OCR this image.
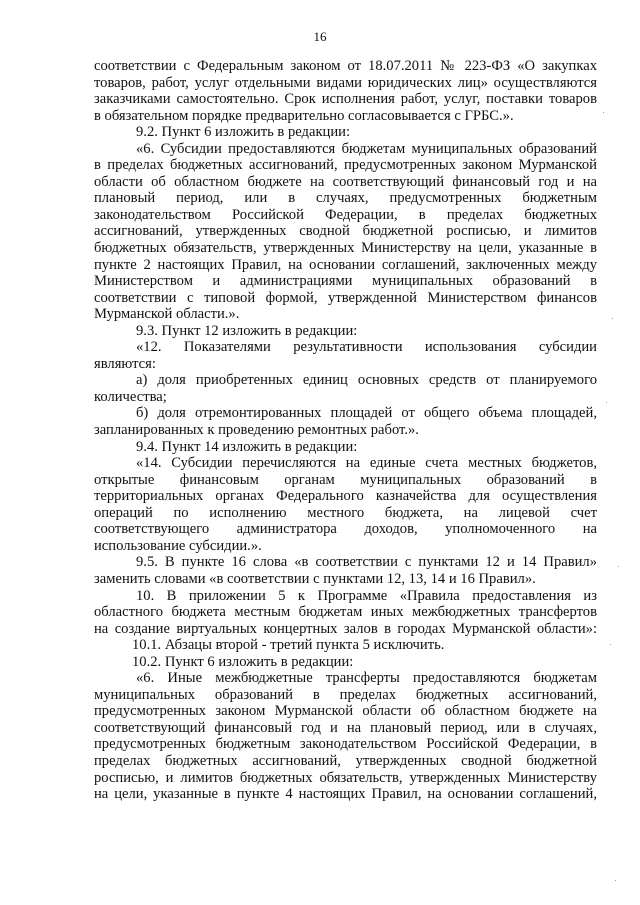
16
соответствии с Федеральным законом от 18.07.2011 № 223-ФЗ «О закупках
товаров, работ, услуг отдельными видами юридических лиц» осуществляются
заказчиками самостоятельно. Срок исполнения работ, услуг, поставки товаров
в обязательном порядке предварительно согласовывается с ГРБС.».
9.2. Пункт 6 изложить в редакции:
«6. Субсидии предоставляются бюджетам муниципальных образований
в пределах бюджетных ассигнований, предусмотренных законом Мурманской
области об областном бюджете на соответствующий финансовый год и на
плановый период, или в случаях, предусмотренных бюджетным
законодательством Российской Федерации, в пределах бюджетных
ассигнований, утвержденных сводной бюджетной росписью, и лимитов
бюджетных обязательств, утвержденных Министерству на цели, указанные в
пункте 2 настоящих Правил, на основании соглашений, заключенных между
Министерством и администрациями муниципальных образований в
соответствии с типовой формой, утвержденной Министерством финансов
Мурманской области.».
9.3. Пункт 12 изложить в редакции:
«12. Показателями результативности использования субсидии
являются:
а) доля приобретенных единиц основных средств от планируемого
количества;
б) доля отремонтированных площадей от общего объема площадей,
запланированных к проведению ремонтных работ.».
9.4. Пункт 14 изложить в редакции:
«14. Субсидии перечисляются на единые счета местных бюджетов,
открытые финансовым органам муниципальных образований в
территориальных органах Федерального казначейства для осуществления
операций по исполнению местного бюджета, на лицевой счет
соответствующего администратора доходов, уполномоченного на
использование субсидии.».
9.5. В пункте 16 слова «в соответствии с пунктами 12 и 14 Правил»
заменить словами «в соответствии с пунктами 12, 13, 14 и 16 Правил».
10. В приложении 5 к Программе «Правила предоставления из
областного бюджета местным бюджетам иных межбюджетных трансфертов
на создание виртуальных концертных залов в городах Мурманской области»:
10.1. Абзацы второй - третий пункта 5 исключить.
10.2. Пункт 6 изложить в редакции:
«6. Иные межбюджетные трансферты предоставляются бюджетам
муниципальных образований в пределах бюджетных ассигнований,
предусмотренных законом Мурманской области об областном бюджете на
соответствующий финансовый год и на плановый период, или в случаях,
предусмотренных бюджетным законодательством Российской Федерации, в
пределах бюджетных ассигнований, утвержденных сводной бюджетной
росписью, и лимитов бюджетных обязательств, утвержденных Министерству
на цели, указанные в пункте 4 настоящих Правил, на основании соглашений,
